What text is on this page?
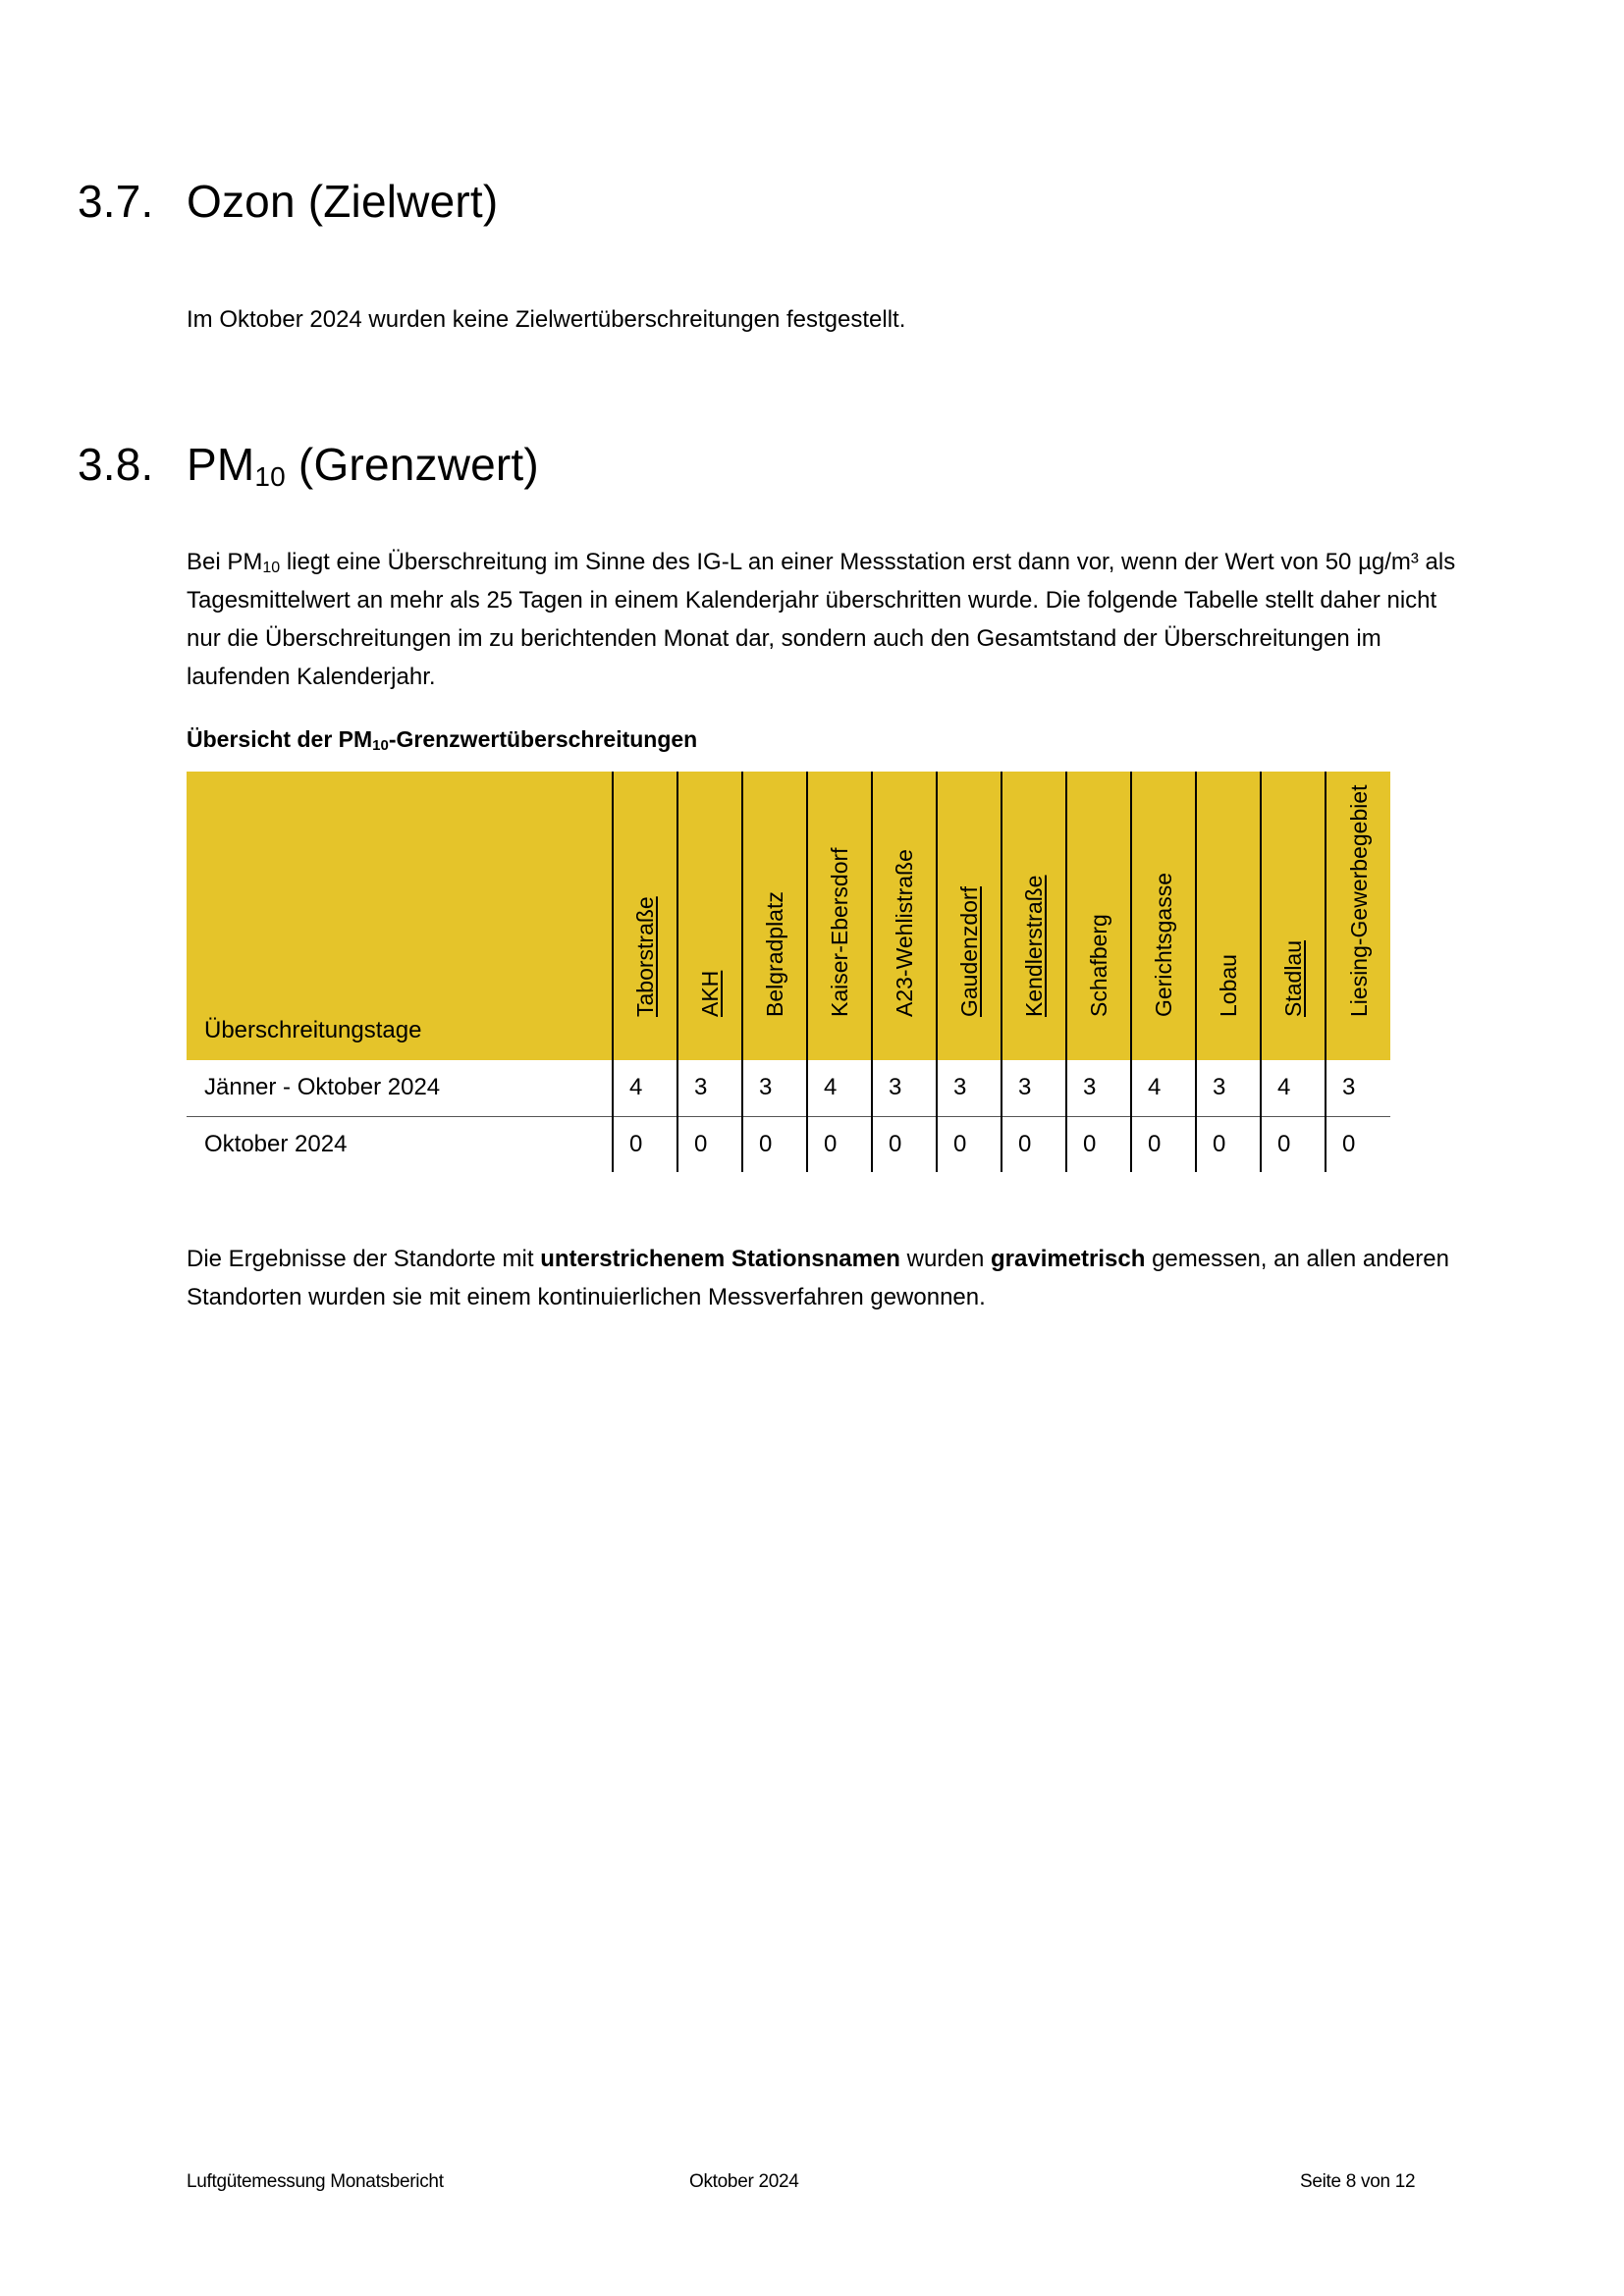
3.7. Ozon (Zielwert)

Im Oktober 2024 wurden keine Zielwertüberschreitungen festgestellt.

3.8. $PM_{10}$ (Grenzwert)

Bei $PM_{10}$ liegt eine Überschreitung im Sinne des IG-L an einer Messstation erst dann vor, wenn der Wert von 50 µg/m³ als Tagesmittelwert an mehr als 25 Tagen in einem Kalenderjahr überschritten wurde. Die folgende Tabelle stellt daher nicht nur die Überschreitungen im zu berichtenden Monat dar, sondern auch den Gesamtstand der Überschreitungen im laufenden Kalenderjahr.

Übersicht der $PM_{10}$-Grenzwertüberschreitungen

Überschreitungstage	Taborstraße	AKH	Belgradplatz	Kaiser-Ebersdorf	A23-Wehlistraße	Gaudenzdorf	Kendlerstraße	Schafberg	Gerichtsgasse	Lobau	Stadlau	Liesing-Gewerbegebiet

Jänner - Oktober 2024	4	3	3	4	3	3	3	3	4	3	4	3
Oktober 2024	0	0	0	0	0	0	0	0	0	0	0	0

Die Ergebnisse der Standorte mit unterstrichenem Stationsnamen wurden gravimetrisch gemessen, an allen anderen Standorten wurden sie mit einem kontinuierlichen Messverfahren gewonnen.

Luftgütemessung Monatsbericht	Oktober 2024	Seite 8 von 12
